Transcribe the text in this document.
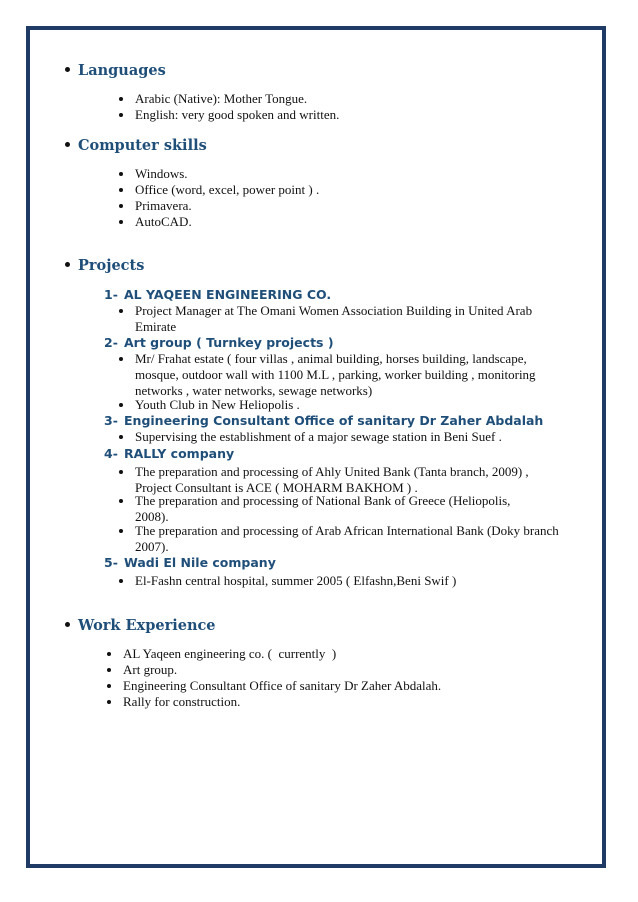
Languages
Arabic (Native): Mother Tongue.
English: very good spoken and written.
Computer skills
Windows.
Office (word, excel, power point ) .
Primavera.
AutoCAD.
Projects
1- AL YAQEEN ENGINEERING CO.
Project Manager at The Omani Women Association Building in United Arab
Emirate
2- Art group ( Turnkey projects )
Mr/ Frahat estate ( four villas , animal building, horses building, landscape,
mosque, outdoor wall with 1100 M.L , parking, worker building , monitoring
networks , water networks, sewage networks)
Youth Club in New Heliopolis .
3- Engineering Consultant Office of sanitary Dr Zaher Abdalah
Supervising the establishment of a major sewage station in Beni Suef .
4- RALLY company
The preparation and processing of Ahly United Bank (Tanta branch, 2009) ,
Project Consultant is ACE ( MOHARM BAKHOM ) .
The preparation and processing of National Bank of Greece (Heliopolis,
2008).
The preparation and processing of Arab African International Bank (Doky branch
2007).
5- Wadi El Nile company
El-Fashn central hospital, summer 2005 ( Elfashn,Beni Swif )
Work Experience
AL Yaqeen engineering co. (  currently  )
Art group.
Engineering Consultant Office of sanitary Dr Zaher Abdalah.
Rally for construction.
